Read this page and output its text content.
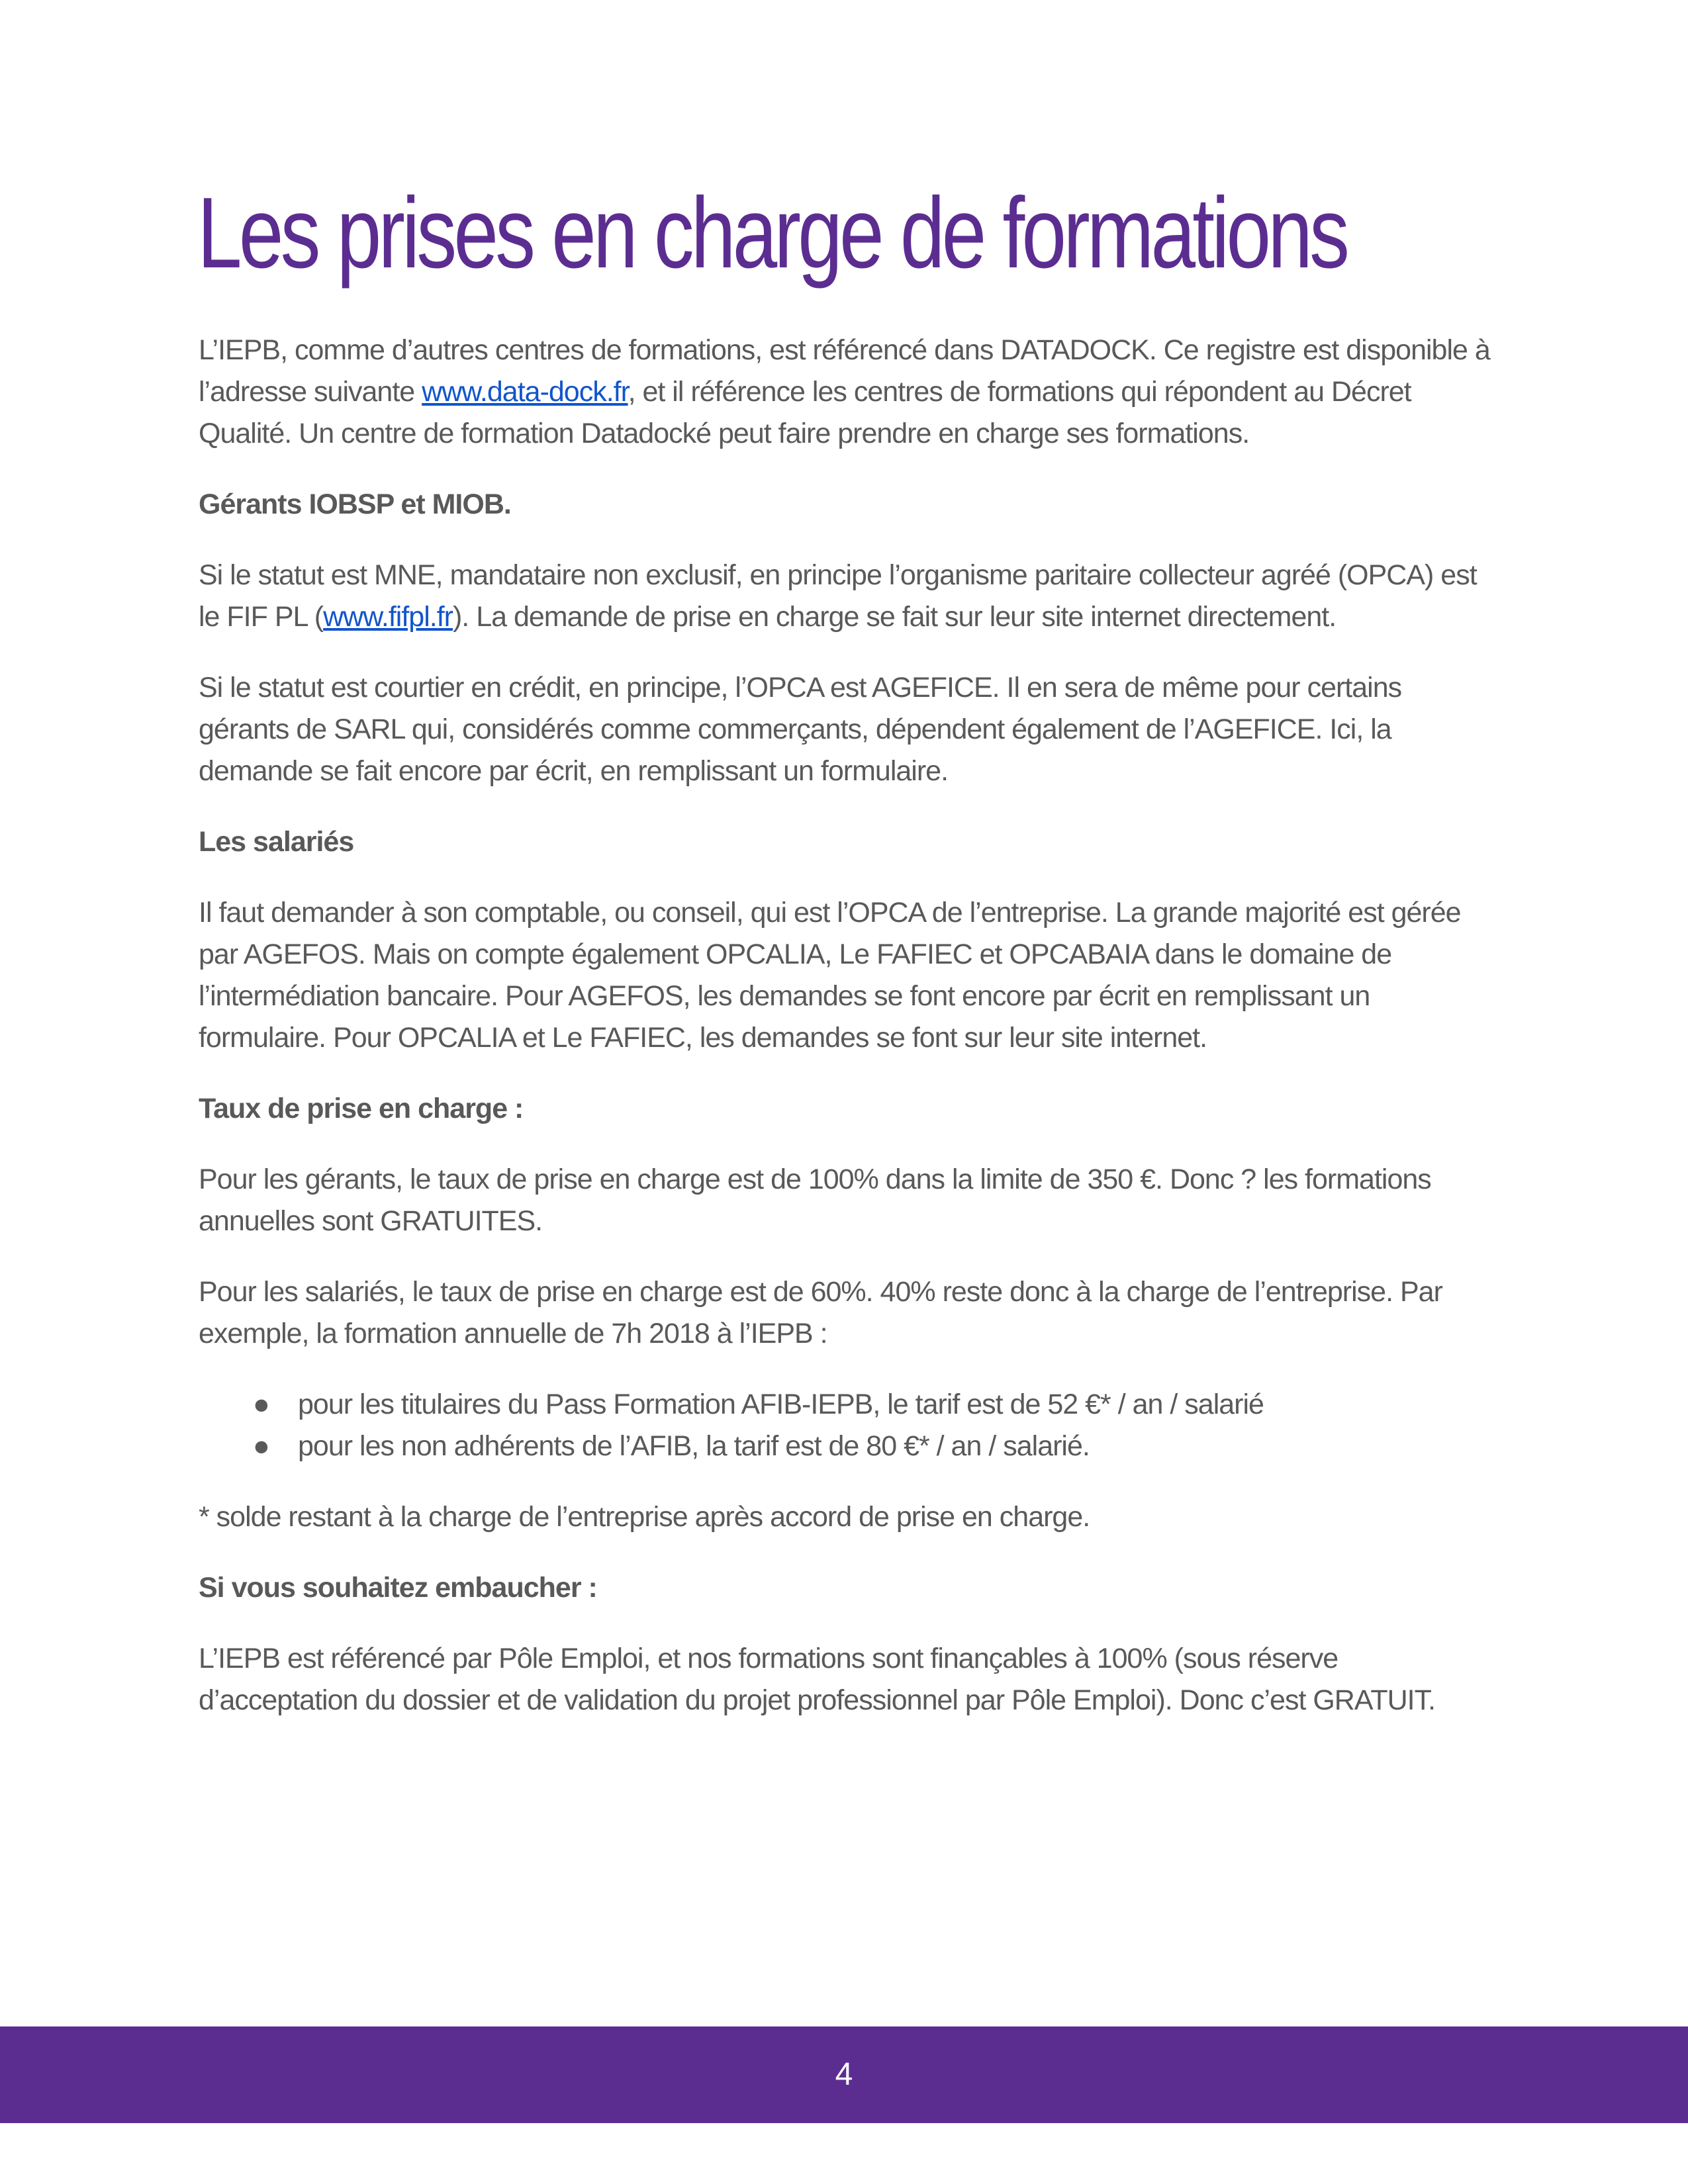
Les prises en charge de formations

L’IEPB, comme d’autres centres de formations, est référencé dans DATADOCK. Ce registre est disponible à l’adresse suivante www.data-dock.fr, et il référence les centres de formations qui répondent au Décret Qualité. Un centre de formation Datadocké peut faire prendre en charge ses formations.

Gérants IOBSP et MIOB.

Si le statut est MNE, mandataire non exclusif, en principe l’organisme paritaire collecteur agréé (OPCA) est le FIF PL (www.fifpl.fr). La demande de prise en charge se fait sur leur site internet directement.

Si le statut est courtier en crédit, en principe, l’OPCA est AGEFICE. Il en sera de même pour certains gérants de SARL qui, considérés comme commerçants, dépendent également de l’AGEFICE. Ici, la demande se fait encore par écrit, en remplissant un formulaire.

Les salariés

Il faut demander à son comptable, ou conseil, qui est l’OPCA de l’entreprise. La grande majorité est gérée par AGEFOS. Mais on compte également OPCALIA, Le FAFIEC et OPCABAIA dans le domaine de l’intermédiation bancaire. Pour AGEFOS, les demandes se font encore par écrit en remplissant un formulaire. Pour OPCALIA et Le FAFIEC, les demandes se font sur leur site internet.

Taux de prise en charge :

Pour les gérants, le taux de prise en charge est de 100% dans la limite de 350 €. Donc ? les formations annuelles sont GRATUITES.

Pour les salariés, le taux de prise en charge est de 60%. 40% reste donc à la charge de l’entreprise. Par exemple, la formation annuelle de 7h 2018 à l’IEPB :

● pour les titulaires du Pass Formation AFIB-IEPB, le tarif est de 52 €* / an / salarié
● pour les non adhérents de l’AFIB, la tarif est de 80 €* / an / salarié.

* solde restant à la charge de l’entreprise après accord de prise en charge.

Si vous souhaitez embaucher :

L’IEPB est référencé par Pôle Emploi, et nos formations sont finançables à 100% (sous réserve d’acceptation du dossier et de validation du projet professionnel par Pôle Emploi). Donc c’est GRATUIT.

4
